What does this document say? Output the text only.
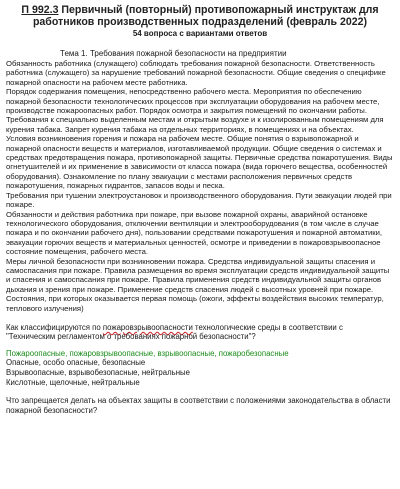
П 992.3 Первичный (повторный) противопожарный инструктаж для работников производственных подразделений (февраль 2022)
54 вопроса с вариантами ответов
Тема 1. Требования пожарной безопасности на предприятии

Обязанность работника (служащего) соблюдать требования пожарной безопасности. Ответственность работника (служащего) за нарушение требований пожарной безопасности. Общие сведения о специфике пожарной опасности на рабочем месте работника.

Порядок содержания помещения, непосредственно рабочего места. Мероприятия по обеспечению пожарной безопасности технологических процессов при эксплуатации оборудования на рабочем месте, производстве пожароопасных работ. Порядок осмотра и закрытия помещений по окончании работы. Требования к специально выделенным местам и открытым воздухе и к изолированным помещениям для курения табака. Запрет курения табака на отдельных территориях, в помещениях и на объектах.

Условия возникновения горения и пожара на рабочем месте. Общие понятия о взрывопожарной и пожарной опасности веществ и материалов, изготавливаемой продукции. Общие сведения о системах и средствах предотвращения пожара, противопожарной защиты. Первичные средства пожаротушения. Виды огнетушителей и их применение в зависимости от класса пожара (вида горючего вещества, особенностей оборудования). Ознакомление по плану эвакуации с местами расположения первичных средств пожаротушения, пожарных гидрантов, запасов воды и песка.

Требования при тушении электроустановок и производственного оборудования. Пути эвакуации людей при пожаре.

Обязанности и действия работника при пожаре, при вызове пожарной охраны, аварийной остановке технологического оборудования, отключении вентиляции и электрооборудования (в том числе в случае пожара и по окончании рабочего дня), пользовании средствами пожаротушения и пожарной автоматики, эвакуации горючих веществ и материальных ценностей, осмотре и приведении в пожаровзрывоопасное состояние помещения, рабочего места.

Меры личной безопасности при возникновении пожара. Средства индивидуальной защиты спасения и самоспасания при пожаре. Правила размещения во время эксплуатации средств индивидуальной защиты и спасения и самоспасания при пожаре. Правила применения средств индивидуальной защиты органов дыхания и зрения при пожаре. Применение средств спасения людей с высотных уровней при пожаре.

Состояния, при которых оказывается первая помощь (ожоги, эффекты воздействия высоких температур, теплового излучения)

Как классифицируются по пожаровзрывоопасности технологические среды в соответствии с "Техническим регламентом о требованиях пожарной безопасности"?
Пожароопасные, пожаровзрывоопасные, взрывоопасные, пожаробезопасные
Опасные, особо опасные, безопасные
Взрывоопасные, взрывобезопасные, нейтральные
Кислотные, щелочные, нейтральные
Что запрещается делать на объектах защиты в соответствии с положениями законодательства в области пожарной безопасности?
